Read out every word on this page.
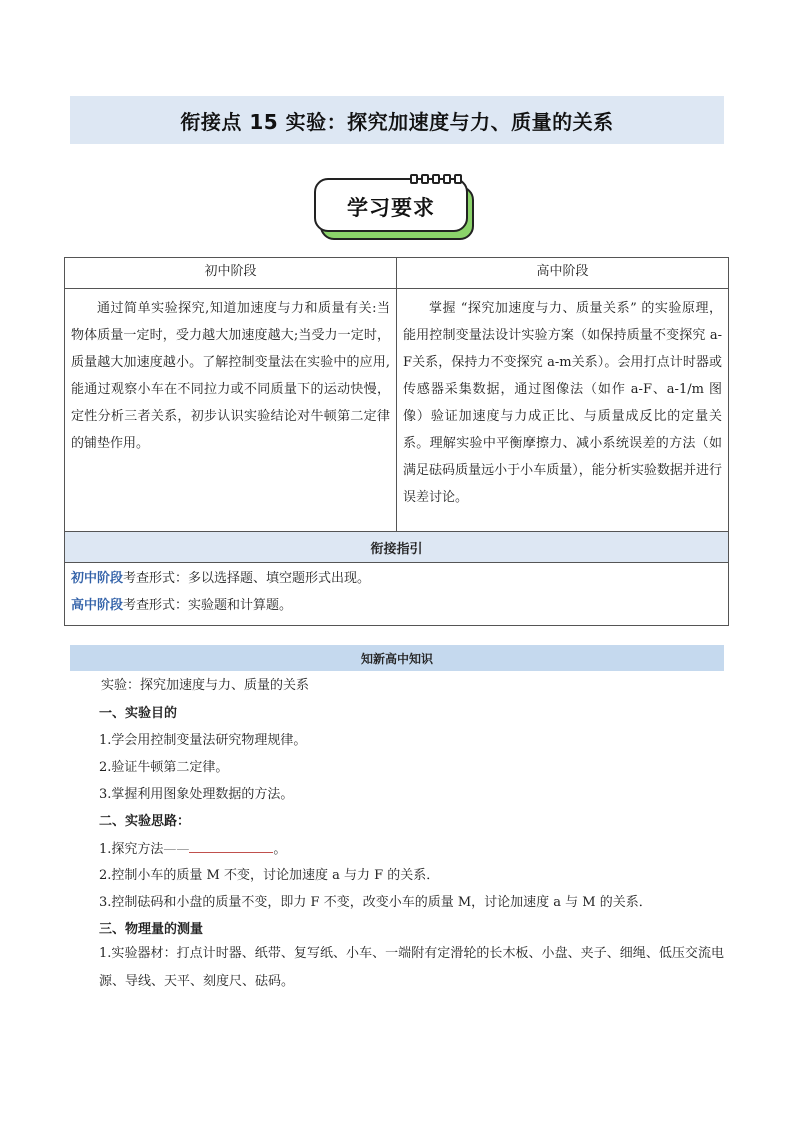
衔接点 15 实验：探究加速度与力、质量的关系
学习要求
初中阶段	高中阶段

通过简单实验探究,知道加速度与力和质量有关:当物体质量一定时，受力越大加速度越大;当受力一定时，质量越大加速度越小。了解控制变量法在实验中的应用,能通过观察小车在不同拉力或不同质量下的运动快慢，定性分析三者关系，初步认识实验结论对牛顿第二定律的铺垫作用。	掌握 “探究加速度与力、质量关系” 的实验原理，能用控制变量法设计实验方案（如保持质量不变探究 a-F关系，保持力不变探究 a-m关系）。会用打点计时器或传感器采集数据，通过图像法（如作 a-F、a-1/m 图像）验证加速度与力成正比、与质量成反比的定量关系。理解实验中平衡摩擦力、减小系统误差的方法（如满足砝码质量远小于小车质量），能分析实验数据并进行误差讨论。

衔接指引	

初中阶段考查形式：多以选择题、填空题形式出现。
高中阶段考查形式：实验题和计算题。	
知新高中知识
实验：探究加速度与力、质量的关系
一、实验目的
1.学会用控制变量法研究物理规律。
2.验证牛顿第二定律。
3.掌握利用图象处理数据的方法。
二、实验思路：
1.探究方法——	。
2.控制小车的质量 M 不变，讨论加速度 a 与力 F 的关系．
3.控制砝码和小盘的质量不变，即力 F 不变，改变小车的质量 M，讨论加速度 a 与 M 的关系．
三、物理量的测量
1.实验器材：打点计时器、纸带、复写纸、小车、一端附有定滑轮的长木板、小盘、夹子、细绳、低压交流电源、导线、天平、刻度尺、砝码。
